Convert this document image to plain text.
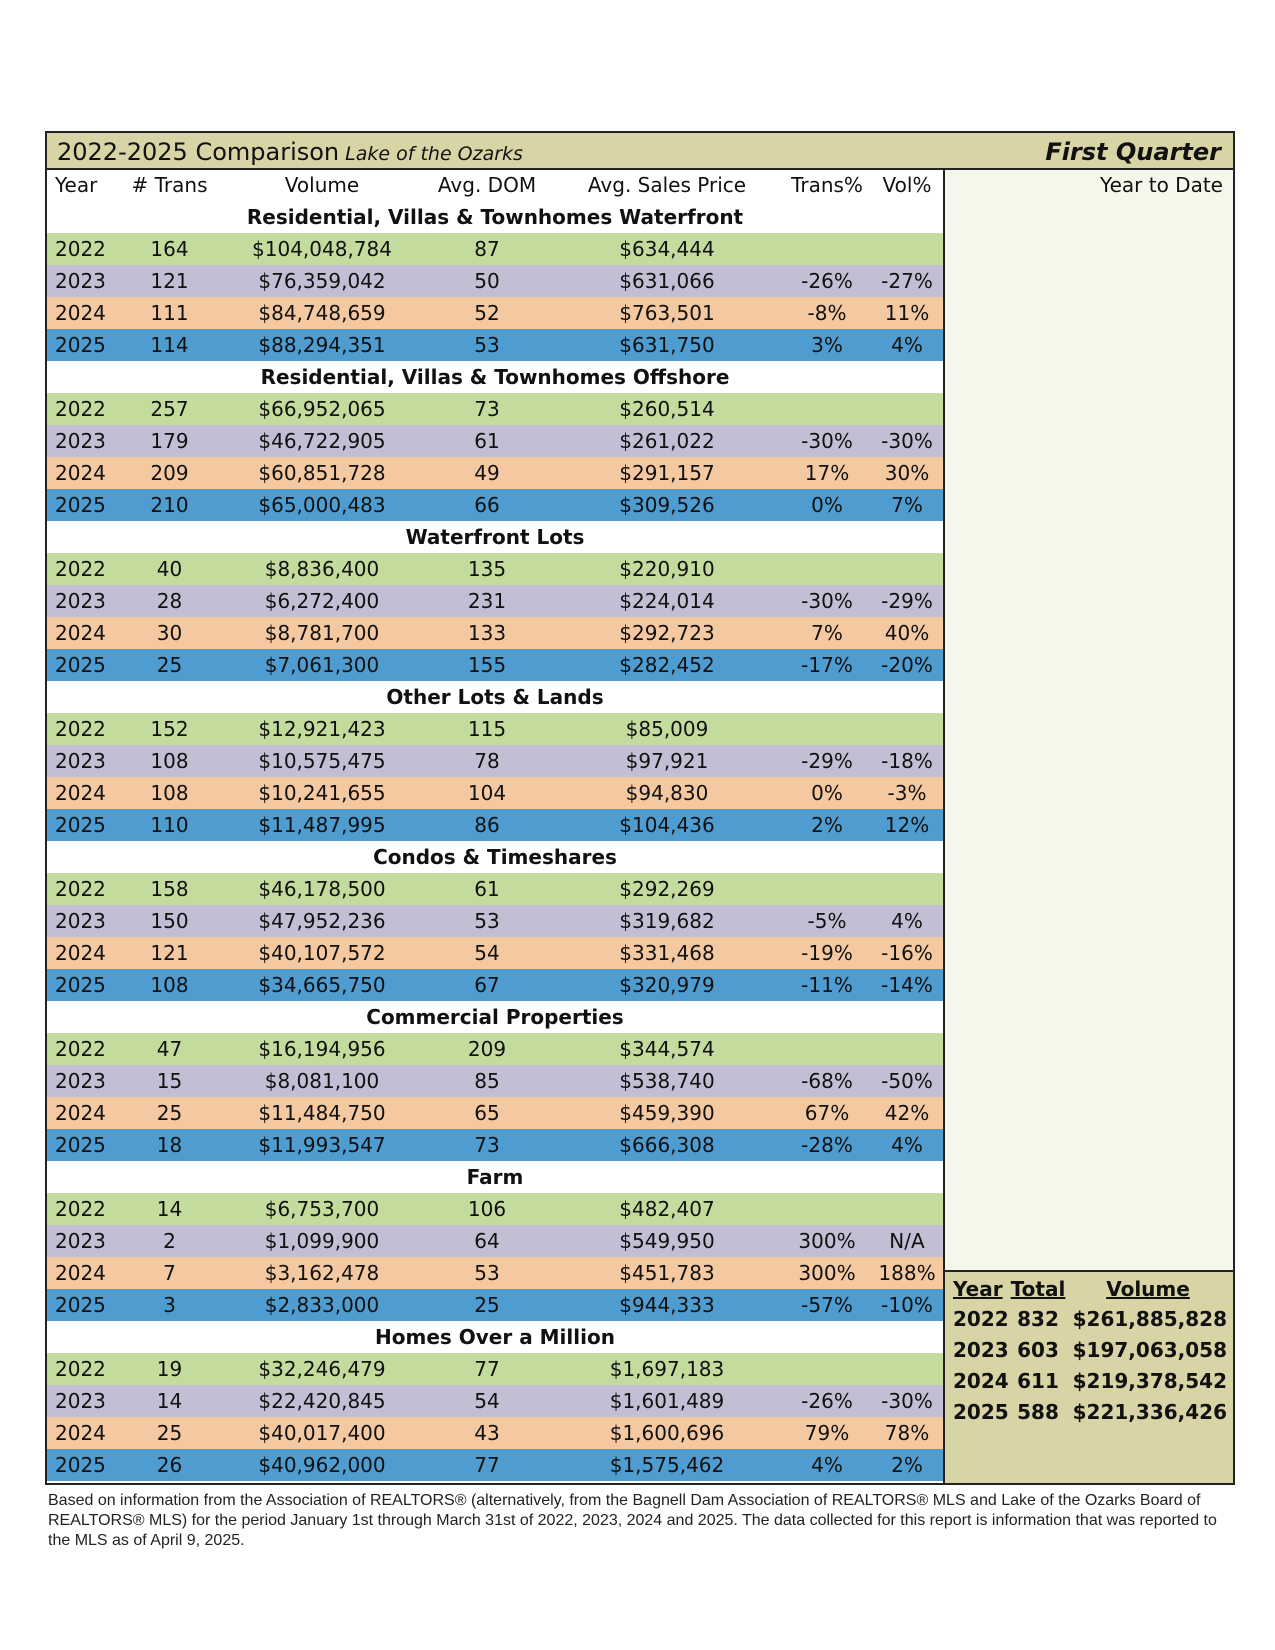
2022-2025 Comparison Lake of the Ozarks	First Quarter
Year	# Trans	Volume	Avg. DOM	Avg. Sales Price	Trans% Vol%
Residential, Villas & Townhomes Waterfront
2022	164	$104,048,784	87	$634,444
2023	121	$76,359,042	50	$631,066	-26%	-27%
2024	111	$84,748,659	52	$763,501	-8%	11%
2025	114	$88,294,351	53	$631,750	3%	4%
Residential, Villas & Townhomes Offshore
2022	257	$66,952,065	73	$260,514
2023	179	$46,722,905	61	$261,022	-30%	-30%
2024	209	$60,851,728	49	$291,157	17%	30%
2025	210	$65,000,483	66	$309,526	0%	7%
Waterfront Lots
2022	40	$8,836,400	135	$220,910
2023	28	$6,272,400	231	$224,014	-30%	-29%
2024	30	$8,781,700	133	$292,723	7%	40%
2025	25	$7,061,300	155	$282,452	-17%	-20%
Other Lots & Lands
2022	152	$12,921,423	115	$85,009
2023	108	$10,575,475	78	$97,921	-29%	-18%
2024	108	$10,241,655	104	$94,830	0%	-3%
2025	110	$11,487,995	86	$104,436	2%	12%
Condos & Timeshares
2022	158	$46,178,500	61	$292,269
2023	150	$47,952,236	53	$319,682	-5%	4%
2024	121	$40,107,572	54	$331,468	-19%	-16%
2025	108	$34,665,750	67	$320,979	-11%	-14%
Commercial Properties
2022	47	$16,194,956	209	$344,574
2023	15	$8,081,100	85	$538,740	-68%	-50%
2024	25	$11,484,750	65	$459,390	67%	42%
2025	18	$11,993,547	73	$666,308	-28%	4%
Farm
2022	14	$6,753,700	106	$482,407
2023	2	$1,099,900	64	$549,950	300%	N/A
2024	7	$3,162,478	53	$451,783	300%	188%
2025	3	$2,833,000	25	$944,333	-57%	-10%
Homes Over a Million
2022	19	$32,246,479	77	$1,697,183
2023	14	$22,420,845	54	$1,601,489	-26%	-30%
2024	25	$40,017,400	43	$1,600,696	79%	78%
2025	26	$40,962,000	77	$1,575,462	4%	2%
Year to Date
Year Total	Volume
2022 832 $261,885,828
2023 603 $197,063,058
2024 611 $219,378,542
2025 588 $221,336,426
Based on information from the Association of REALTORS® (alternatively, from the Bagnell Dam Association of REALTORS® MLS and Lake of the Ozarks Board of REALTORS® MLS) for the period January 1st through March 31st of 2022, 2023, 2024 and 2025. The data collected for this report is information that was reported to the MLS as of April 9, 2025.
